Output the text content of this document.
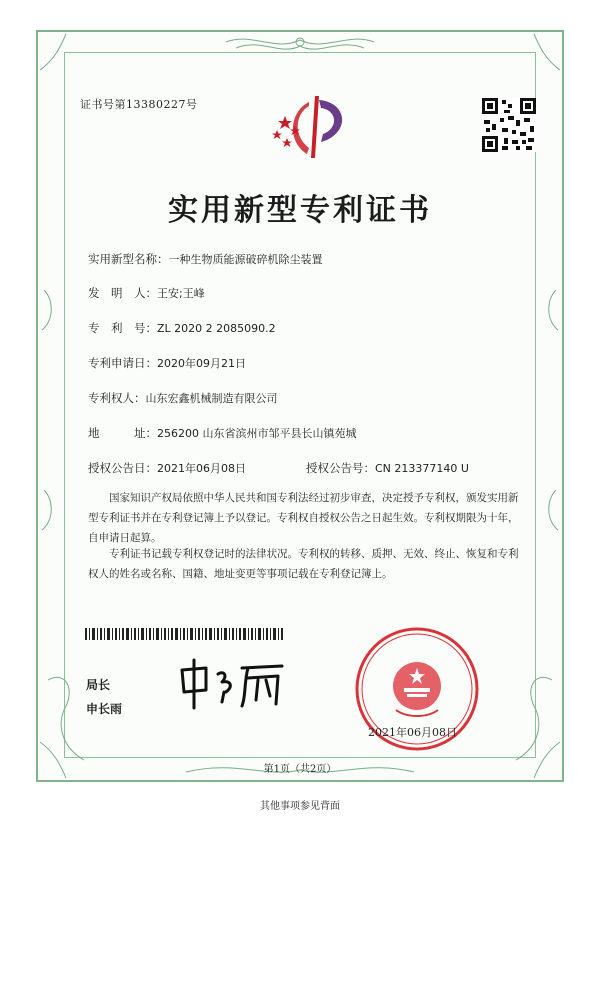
证书号第13380227号
实用新型专利证书
实用新型名称：一种生物质能源破碎机除尘装置
发　明　人：王安;王峰
专　利　号：ZL 2020 2 2085090.2
专利申请日：2020年09月21日
专利权人：山东宏鑫机械制造有限公司
地　　　址：256200 山东省滨州市邹平县长山镇苑城
授权公告日：2021年06月08日	授权公告号：CN 213377140 U
国家知识产权局依照中华人民共和国专利法经过初步审查，决定授予专利权，颁发实用新型专利证书并在专利登记簿上予以登记。专利权自授权公告之日起生效。专利权期限为十年，自申请日起算。
专利证书记载专利权登记时的法律状况。专利权的转移、质押、无效、终止、恢复和专利权人的姓名或名称、国籍、地址变更等事项记载在专利登记簿上。
局长
申长雨
2021年06月08日
第1页（共2页）
其他事项参见背面
